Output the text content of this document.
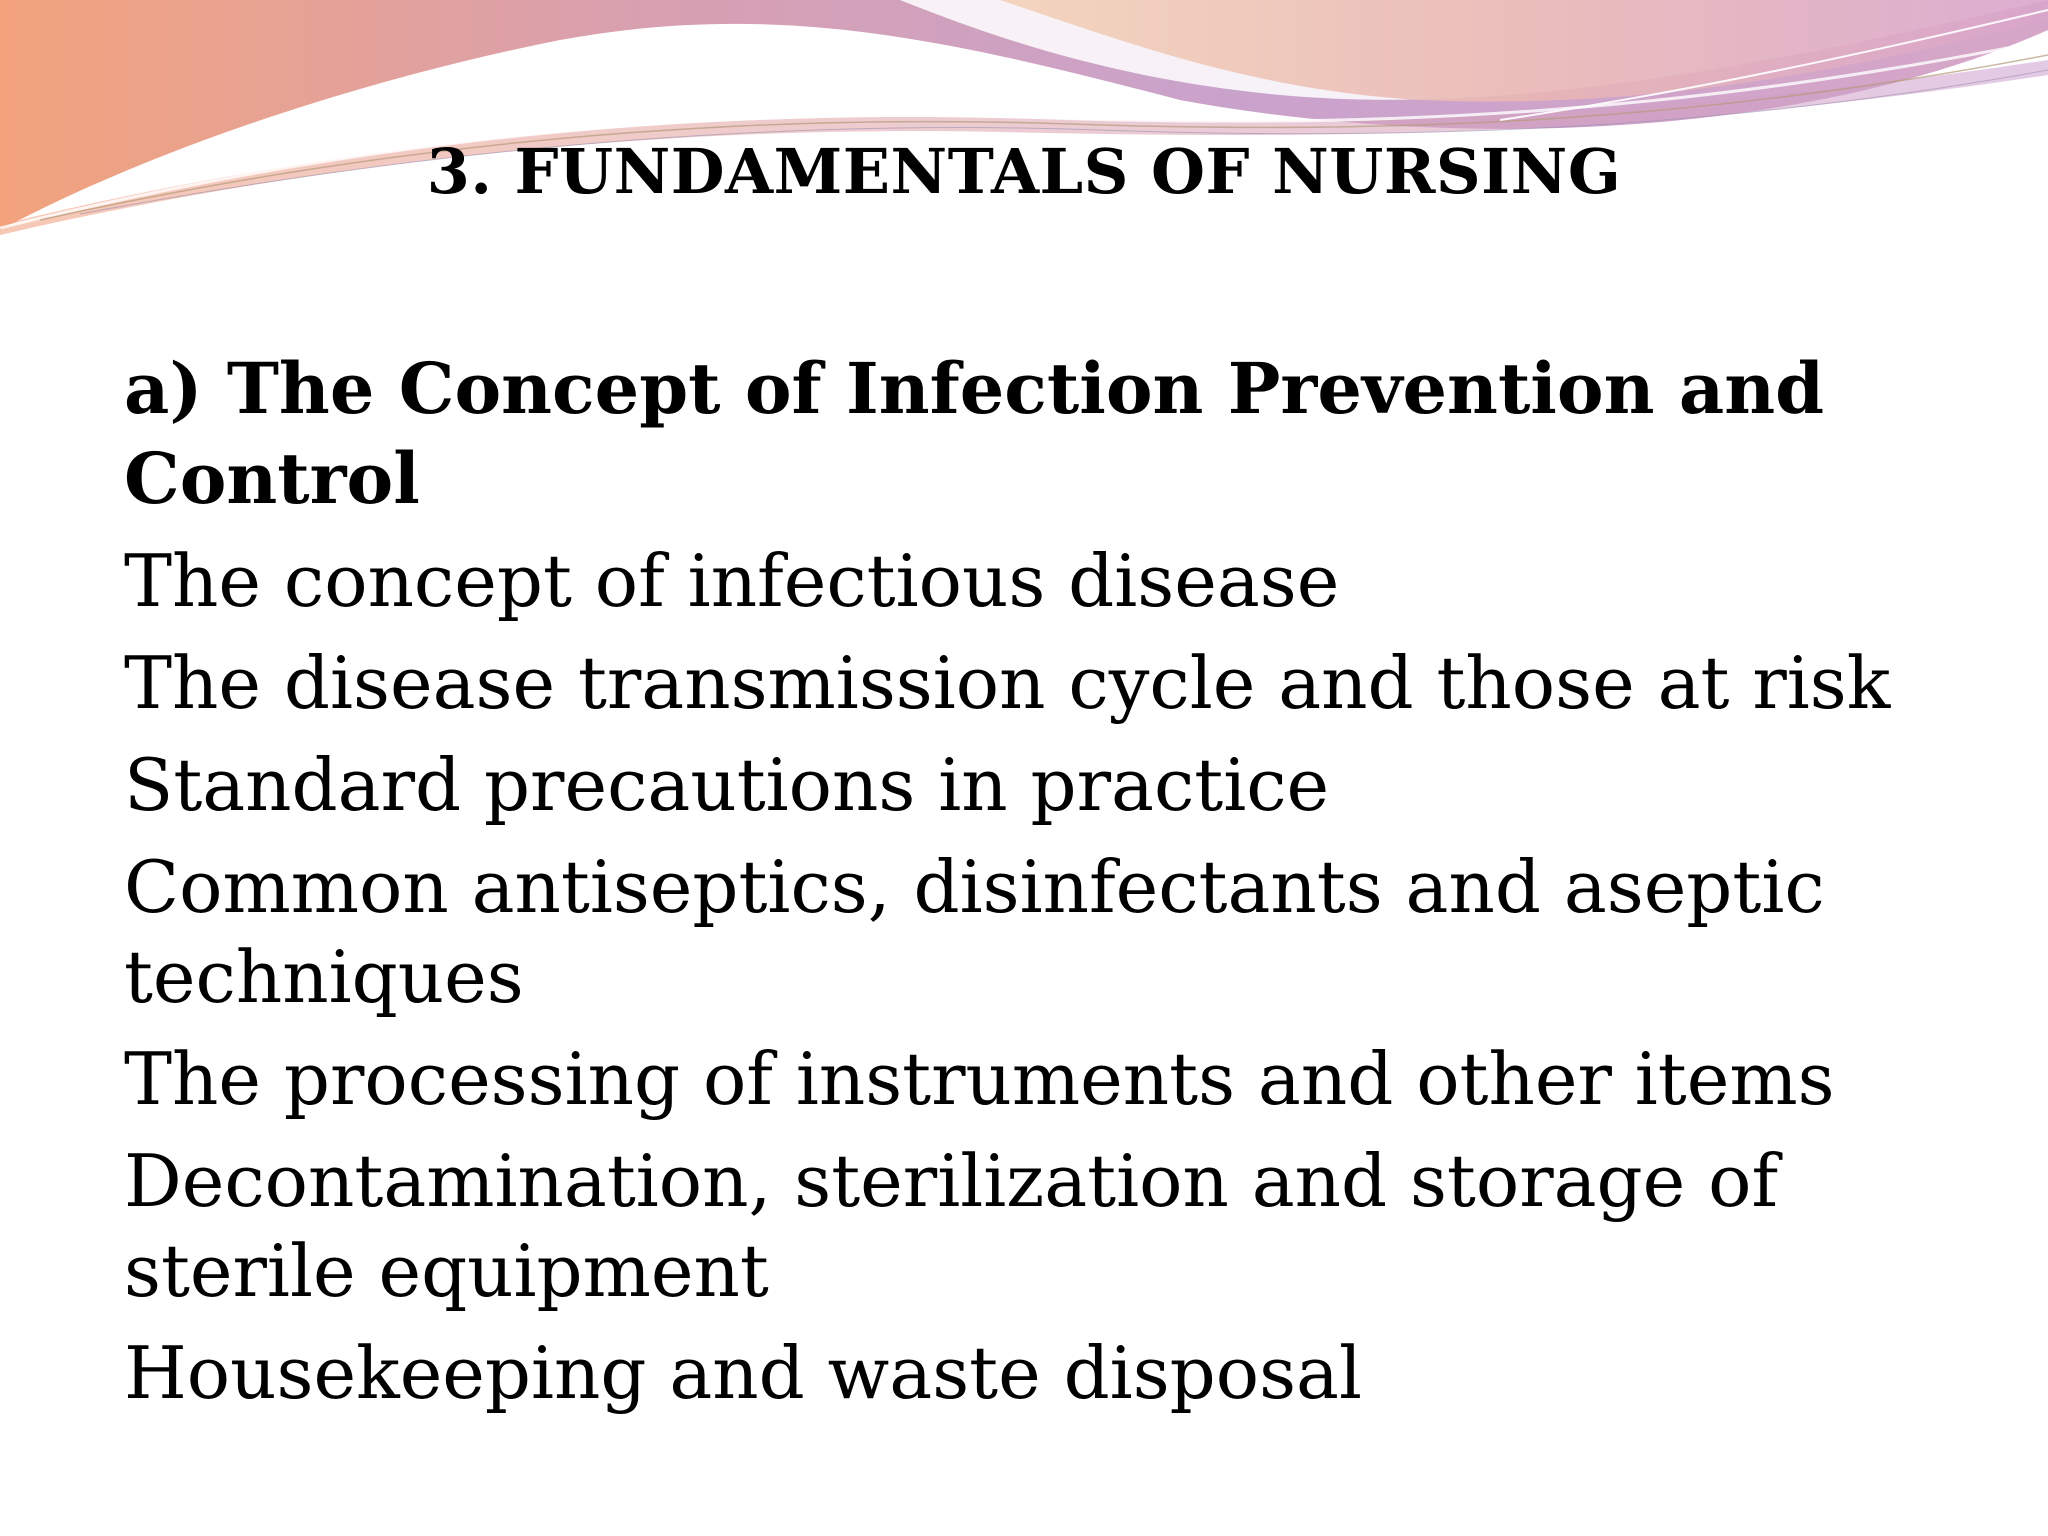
3. FUNDAMENTALS OF NURSING

a) The Concept of Infection Prevention and Control

The concept of infectious disease
The disease transmission cycle and those at risk
Standard precautions in practice
Common antiseptics, disinfectants and aseptic techniques
The processing of instruments and other items
Decontamination, sterilization and storage of sterile equipment
Housekeeping and waste disposal
